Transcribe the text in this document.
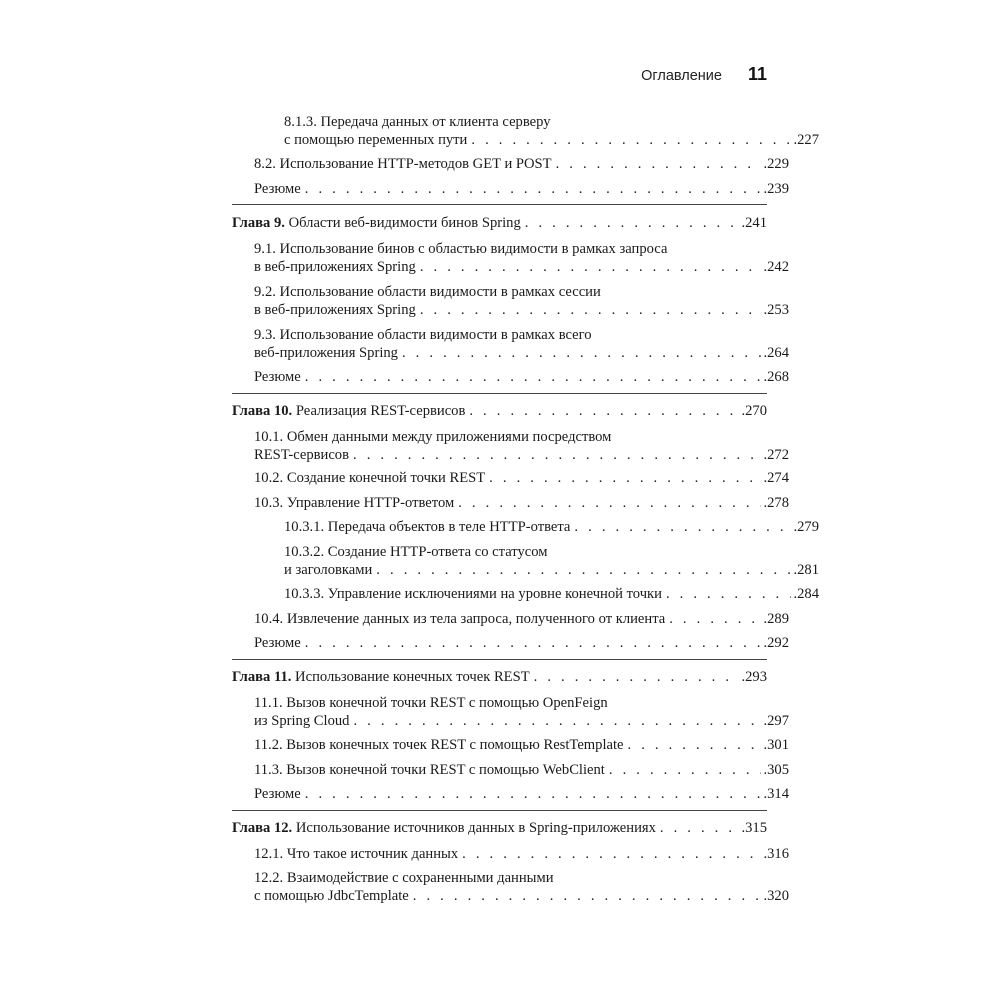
Оглавление 11
8.1.3. Передача данных от клиента серверу
с помощью переменных пути . . .	.227
8.2. Использование HTTP-методов GET и POST . . .	.229
Резюме . . .	.239
Глава 9. Области веб-видимости бинов Spring . . .	.241
9.1. Использование бинов с областью видимости в рамках запроса
в веб-приложениях Spring . . .	.242
9.2. Использование области видимости в рамках сессии
в веб-приложениях Spring . . .	.253
9.3. Использование области видимости в рамках всего
веб-приложения Spring . . .	.264
Резюме . . .	.268
Глава 10. Реализация REST-сервисов . . .	.270
10.1. Обмен данными между приложениями посредством
REST-сервисов . . .	.272
10.2. Создание конечной точки REST . . .	.274
10.3. Управление HTTP-ответом . . .	.278
10.3.1. Передача объектов в теле HTTP-ответа . . .	.279
10.3.2. Создание HTTP-ответа со статусом
и заголовками . . .	.281
10.3.3. Управление исключениями на уровне конечной точки . . .	.284
10.4. Извлечение данных из тела запроса, полученного от клиента . . .	.289
Резюме . . .	.292
Глава 11. Использование конечных точек REST . . .	.293
11.1. Вызов конечной точки REST с помощью OpenFeign
из Spring Cloud . . .	.297
11.2. Вызов конечных точек REST с помощью RestTemplate . . .	.301
11.3. Вызов конечной точки REST с помощью WebClient . . .	.305
Резюме . . .	.314
Глава 12. Использование источников данных в Spring-приложениях . . .	.315
12.1. Что такое источник данных . . .	.316
12.2. Взаимодействие с сохраненными данными
с помощью JdbcTemplate . . .	.320
